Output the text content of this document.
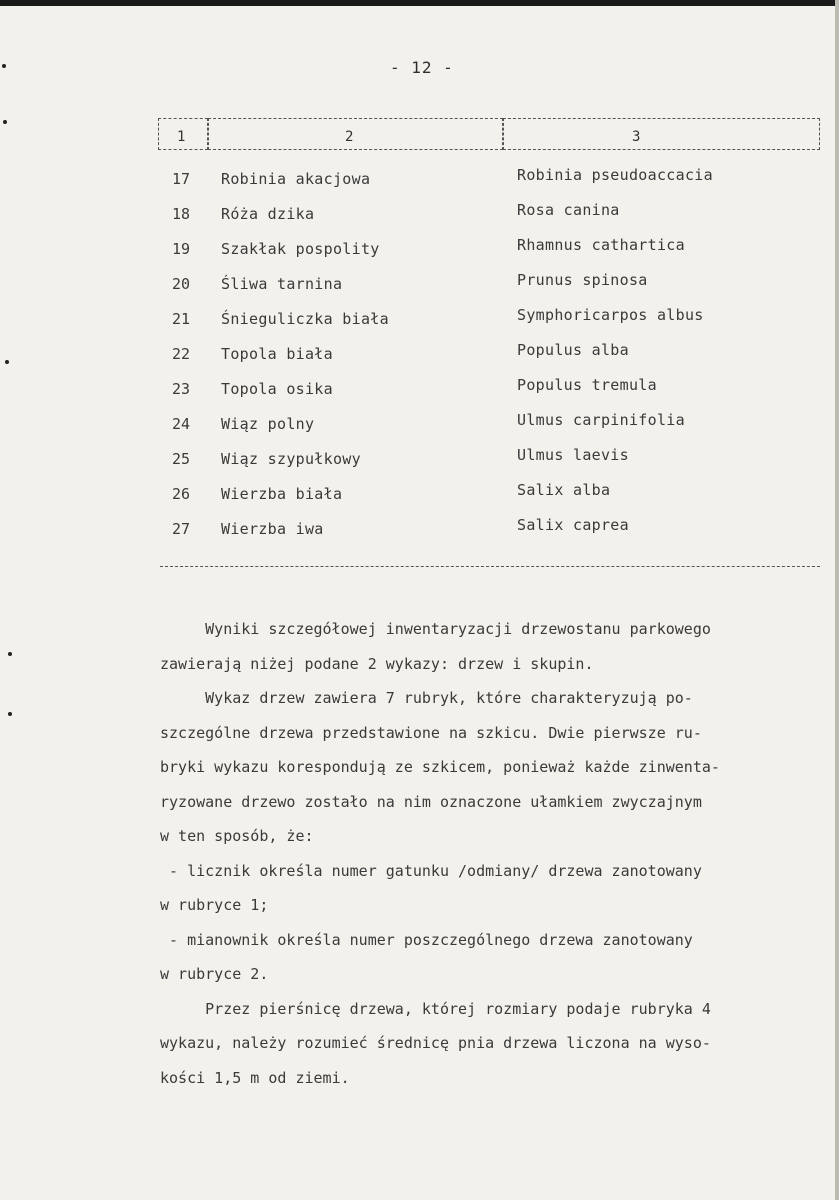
- 12 -
1	2	3
17 Robinia akacjowa	Robinia pseudoaccacia
18 Róża dzika	Rosa canina
19 Szakłak pospolity	Rhamnus cathartica
20 Śliwa tarnina	Prunus spinosa
21 Śnieguliczka biała	Symphoricarpos albus
22 Topola biała	Populus alba
23 Topola osika	Populus tremula
24 Wiąz polny	Ulmus carpinifolia
25 Wiąz szypułkowy	Ulmus laevis
26 Wierzba biała	Salix alba
27 Wierzba iwa	Salix caprea
Wyniki szczegółowej inwentaryzacji drzewostanu parkowego
zawierają niżej podane 2 wykazy: drzew i skupin.
Wykaz drzew zawiera 7 rubryk, które charakteryzują po-
szczególne drzewa przedstawione na szkicu. Dwie pierwsze ru-
bryki wykazu korespondują ze szkicem, ponieważ każde zinwenta-
ryzowane drzewo zostało na nim oznaczone ułamkiem zwyczajnym
w ten sposób, że:
- licznik określa numer gatunku /odmiany/ drzewa zanotowany
w rubryce 1;
- mianownik określa numer poszczególnego drzewa zanotowany
w rubryce 2.
Przez pierśnicę drzewa, której rozmiary podaje rubryka 4
wykazu, należy rozumieć średnicę pnia drzewa liczona na wyso-
kości 1,5 m od ziemi.
